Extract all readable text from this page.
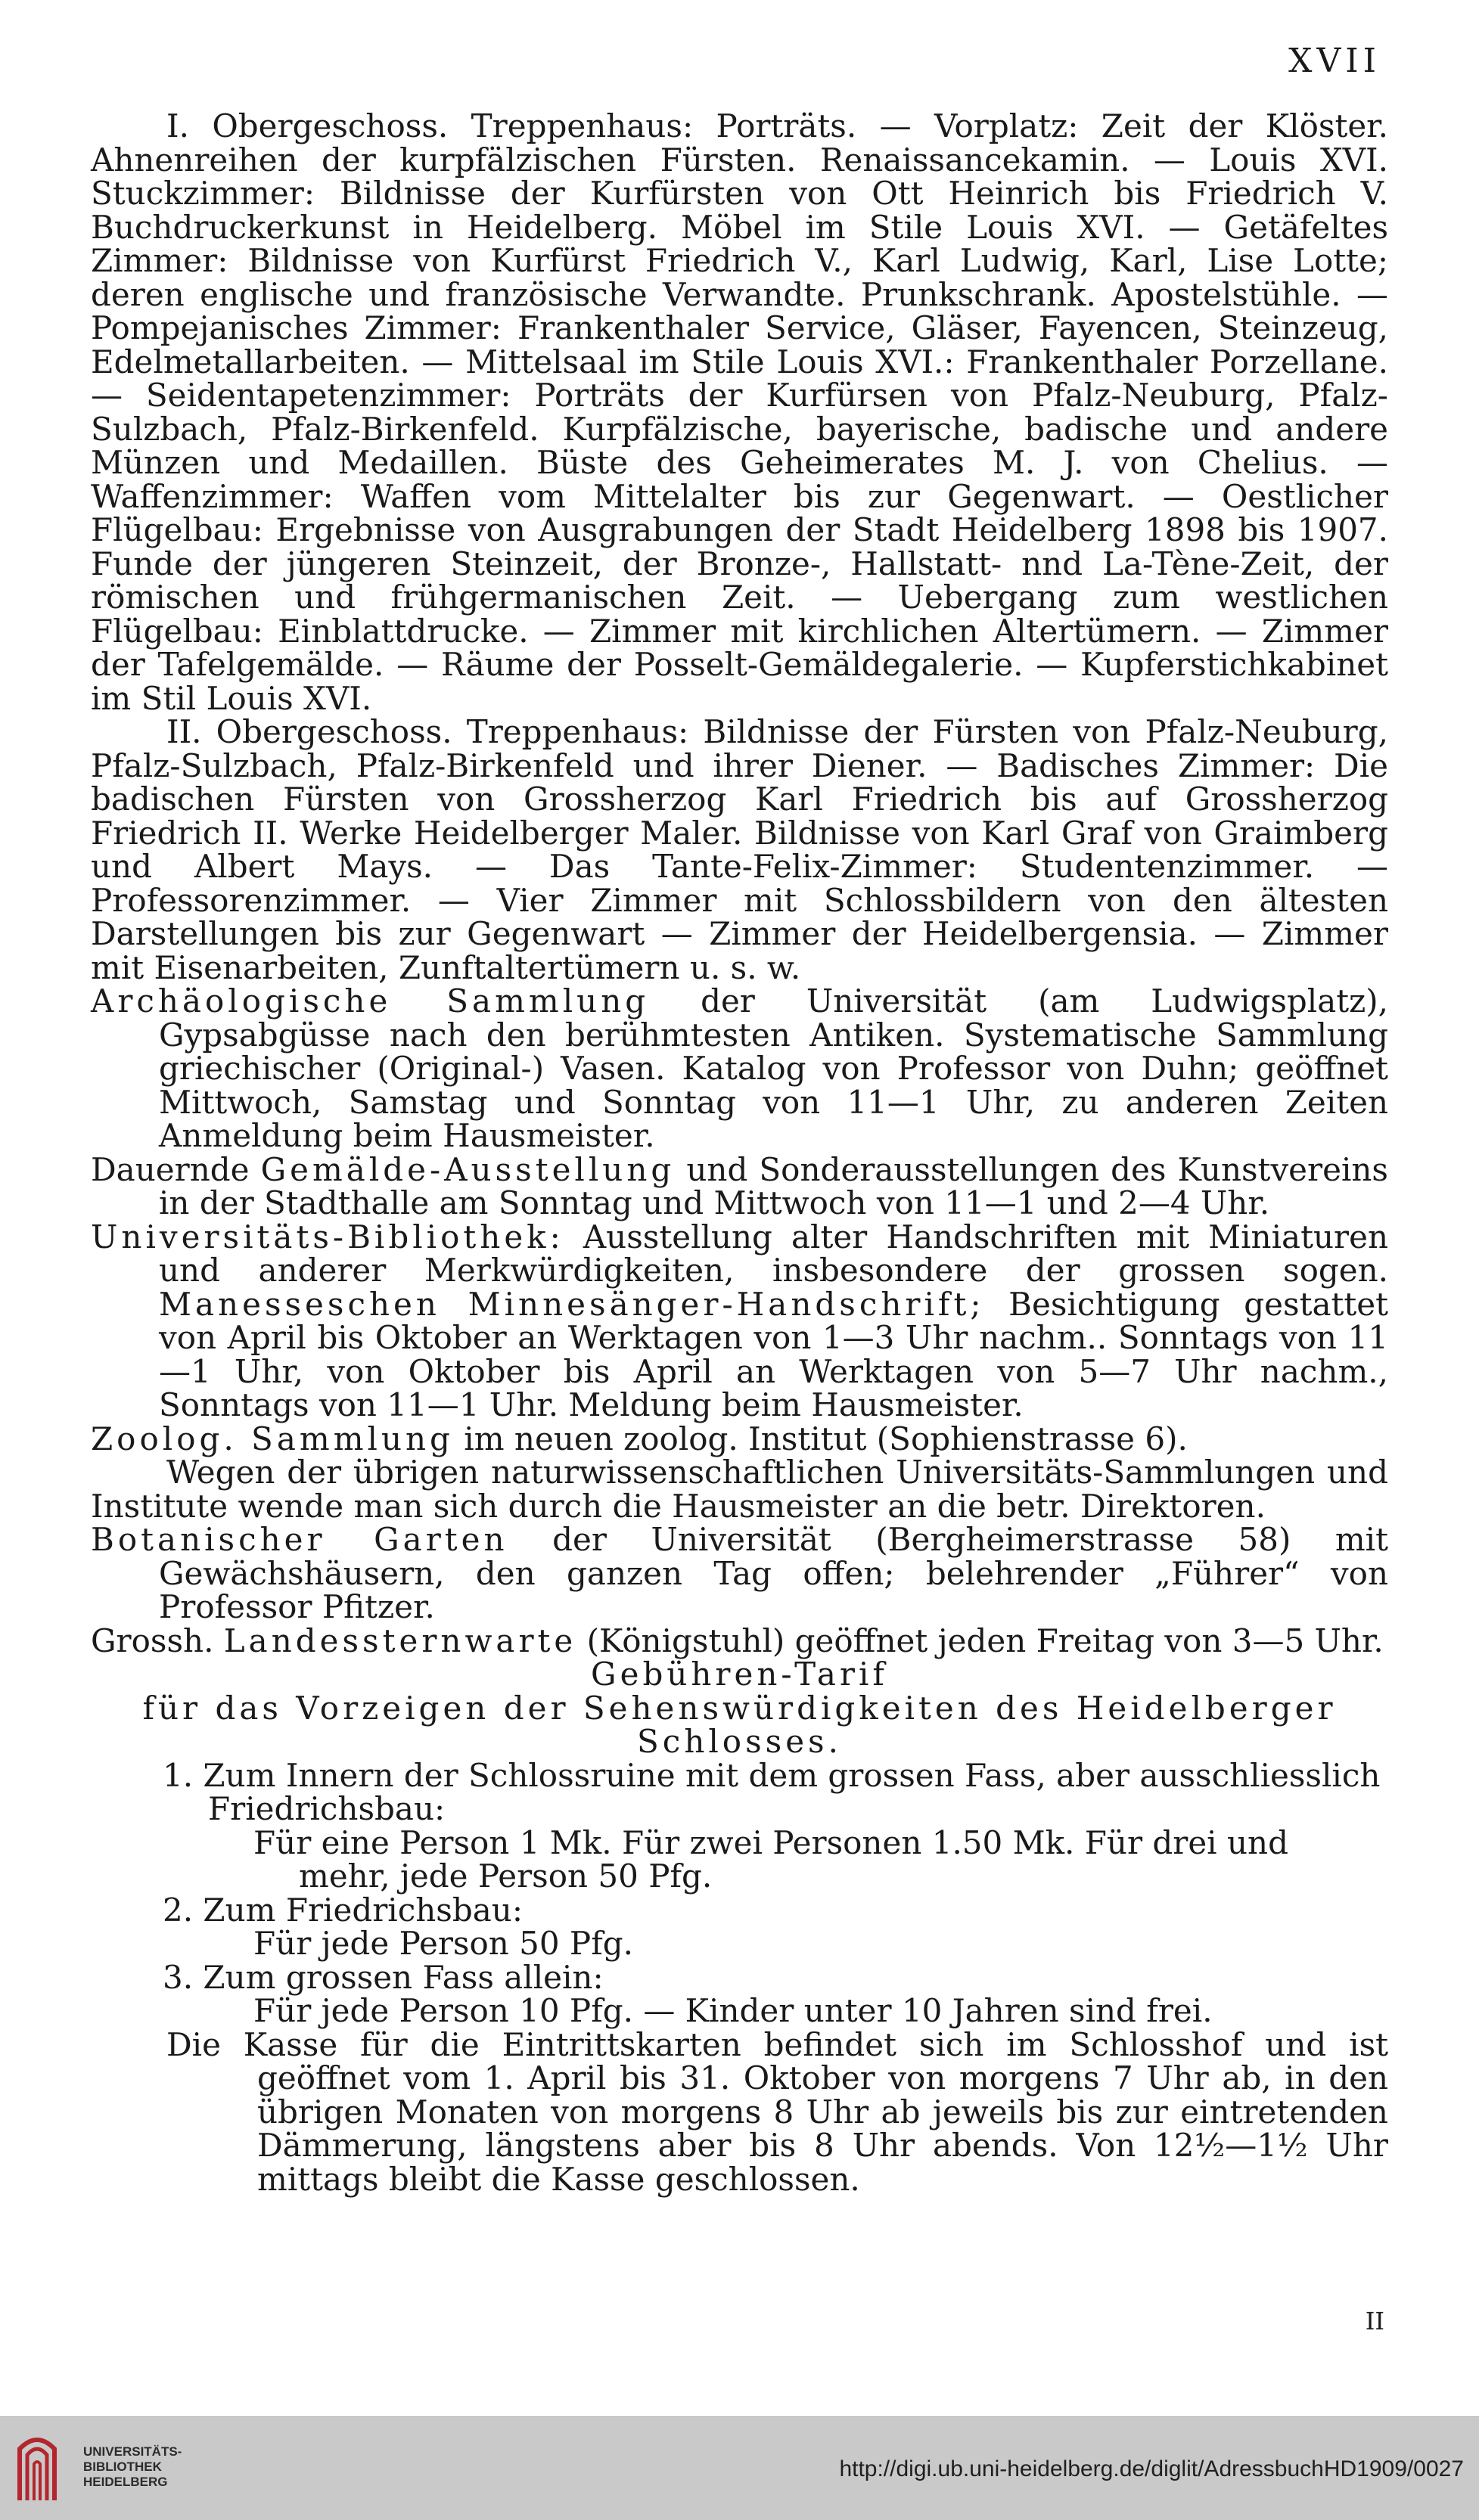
XVII

I. Obergeschoss. Treppenhaus: Porträts. — Vorplatz: Zeit der Klöster. Ahnenreihen der kurpfälzischen Fürsten. Renaissancekamin. — Louis XVI. Stuckzimmer: Bildnisse der Kurfürsten von Ott Heinrich bis Friedrich V. Buchdruckerkunst in Heidelberg. Möbel im Stile Louis XVI. — Getäfeltes Zimmer: Bildnisse von Kurfürst Friedrich V., Karl Ludwig, Karl, Lise Lotte; deren englische und französische Verwandte. Prunkschrank. Apostelstühle. — Pompejanisches Zimmer: Frankenthaler Service, Gläser, Fayencen, Steinzeug, Edelmetallarbeiten. — Mittelsaal im Stile Louis XVI.: Frankenthaler Porzellane. — Seidentapetenzimmer: Porträts der Kurfürsen von Pfalz-Neuburg, Pfalz-Sulzbach, Pfalz-Birkenfeld. Kurpfälzische, bayerische, badische und andere Münzen und Medaillen. Büste des Geheimerates M. J. von Chelius. — Waffenzimmer: Waffen vom Mittelalter bis zur Gegenwart. — Oestlicher Flügelbau: Ergebnisse von Ausgrabungen der Stadt Heidelberg 1898 bis 1907. Funde der jüngeren Steinzeit, der Bronze-, Hallstatt- nnd La-Tène-Zeit, der römischen und frühgermanischen Zeit. — Uebergang zum westlichen Flügelbau: Einblattdrucke. — Zimmer mit kirchlichen Altertümern. — Zimmer der Tafelgemälde. — Räume der Posselt-Gemäldegalerie. — Kupferstichkabinet im Stil Louis XVI.

II. Obergeschoss. Treppenhaus: Bildnisse der Fürsten von Pfalz-Neuburg, Pfalz-Sulzbach, Pfalz-Birkenfeld und ihrer Diener. — Badisches Zimmer: Die badischen Fürsten von Grossherzog Karl Friedrich bis auf Grossherzog Friedrich II. Werke Heidelberger Maler. Bildnisse von Karl Graf von Graimberg und Albert Mays. — Das Tante-Felix-Zimmer: Studentenzimmer. — Professorenzimmer. — Vier Zimmer mit Schlossbildern von den ältesten Darstellungen bis zur Gegenwart — Zimmer der Heidelbergensia. — Zimmer mit Eisenarbeiten, Zunftaltertümern u. s. w.

Archäologische Sammlung der Universität (am Ludwigsplatz), Gypsabgüsse nach den berühmtesten Antiken. Systematische Sammlung griechischer (Original-) Vasen. Katalog von Professor von Duhn; geöffnet Mittwoch, Samstag und Sonntag von 11—1 Uhr, zu anderen Zeiten Anmeldung beim Hausmeister.

Dauernde Gemälde-Ausstellung und Sonderausstellungen des Kunstvereins in der Stadthalle am Sonntag und Mittwoch von 11—1 und 2—4 Uhr.

Universitäts-Bibliothek: Ausstellung alter Handschriften mit Miniaturen und anderer Merkwürdigkeiten, insbesondere der grossen sogen. Manesseschen Minnesänger-Handschrift; Besichtigung gestattet von April bis Oktober an Werktagen von 1—3 Uhr nachm.. Sonntags von 11—1 Uhr, von Oktober bis April an Werktagen von 5—7 Uhr nachm., Sonntags von 11—1 Uhr. Meldung beim Hausmeister.

Zoolog. Sammlung im neuen zoolog. Institut (Sophienstrasse 6).

Wegen der übrigen naturwissenschaftlichen Universitäts-Sammlungen und Institute wende man sich durch die Hausmeister an die betr. Direktoren.

Botanischer Garten der Universität (Bergheimerstrasse 58) mit Gewächshäusern, den ganzen Tag offen; belehrender „Führer“ von Professor Pfitzer.

Grossh. Landessternwarte (Königstuhl) geöffnet jeden Freitag von 3—5 Uhr.

Gebühren-Tarif

für das Vorzeigen der Sehenswürdigkeiten des Heidelberger

Schlosses.

1. Zum Innern der Schlossruine mit dem grossen Fass, aber ausschliesslich

Friedrichsbau:

Für eine Person 1 Mk. Für zwei Personen 1.50 Mk. Für drei und

mehr, jede Person 50 Pfg.

2. Zum Friedrichsbau:

Für jede Person 50 Pfg.

3. Zum grossen Fass allein:

Für jede Person 10 Pfg. — Kinder unter 10 Jahren sind frei.

Die Kasse für die Eintrittskarten befindet sich im Schlosshof und ist geöffnet vom 1. April bis 31. Oktober von morgens 7 Uhr ab, in den übrigen Monaten von morgens 8 Uhr ab jeweils bis zur eintretenden Dämmerung, längstens aber bis 8 Uhr abends. Von 12½—1½ Uhr mittags bleibt die Kasse geschlossen.

II
UNIVERSITÄTS-
BIBLIOTHEK
HEIDELBERG
http://digi.ub.uni-heidelberg.de/diglit/AdressbuchHD1909/0027
